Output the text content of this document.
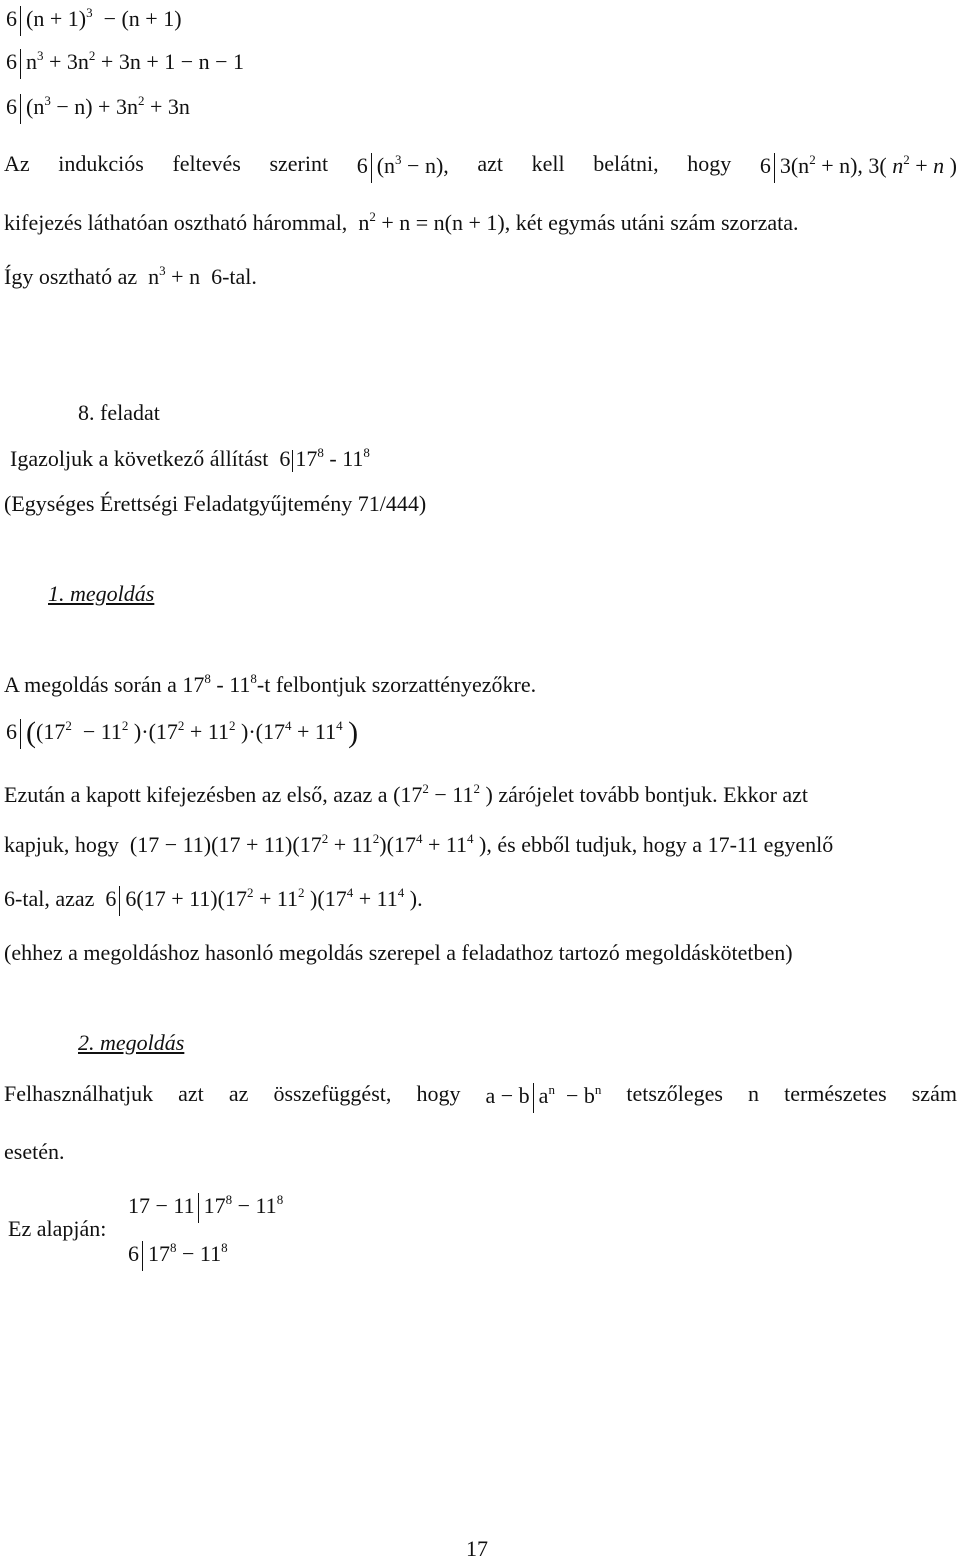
6 $(n + 1)^3 - (n + 1)$
6 $n^3 + 3n^2 + 3n + 1 - n - 1$
6 $(n^3 - n) + 3n^2 + 3n$
Az indukciós feltevés szerint 6 $(n^3 - n)$, azt kell belátni, hogy 6 $3(n^2 + n)$, 3( $n^2 + n$ )
kifejezés láthatóan osztható hárommal, $n^2 + n = n(n + 1)$, két egymás utáni szám szorzata.
Így osztható az $n^3 + n$ 6-tal.
8. feladat
Igazoljuk a következő állítást 6 $17^8 - 11^8$
(Egységes Érettségi Feladatgyűjtemény 71/444)
1. megoldás
A megoldás során a $17^8 - 11^8-t$ felbontjuk szorzattényezőkre.
6 (($17^2 - 11^2$ )$\cdot(17^2 + 11^2$ )$\cdot(17^4 + 11^4$ )
Ezután a kapott kifejezésben az első, azaz a ($17^2 - 11^2$ ) zárójelet tovább bontjuk. Ekkor azt
kapjuk, hogy $(17 - 11)(17 + 11)(17^2 + 11^2)(17^4 + 11^4$ ), és ebből tudjuk, hogy a 17-11 egyenlő
6-tal, azaz 6 $6(17 + 11)(17^2 + 11^2$ )($17^4 + 11^4$ ).
(ehhez a megoldáshoz hasonló megoldás szerepel a feladathoz tartozó megoldáskötetben)
2. megoldás
Felhasználhatjuk azt az összefüggést, hogy a − b $a^n - b^n$ tetszőleges n természetes szám
esetén.
Ez alapján:
17 − 11 $17^8 - 11^8$
6 $17^8 - 11^8$
17
